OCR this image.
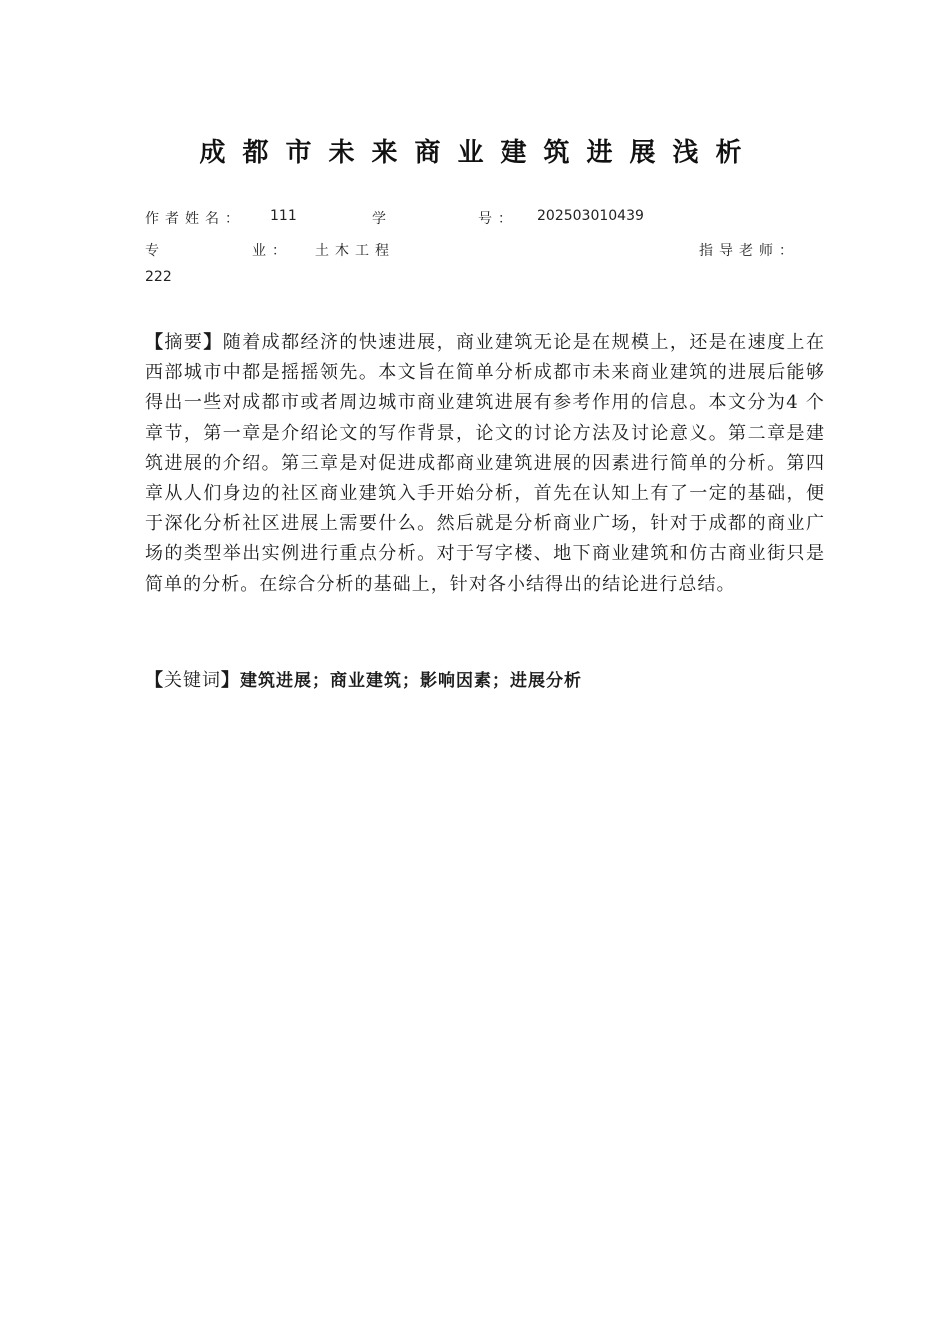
成都市未来商业建筑进展浅析
作者姓名： 111	学	号： 202503010439
专	业： 土木工程	指导老师：
222
【摘要】随着成都经济的快速进展，商业建筑无论是在规模上，还是在速度上在西部城市中都是摇摇领先。本文旨在简单分析成都市未来商业建筑的进展后能够得出一些对成都市或者周边城市商业建筑进展有参考作用的信息。本文分为4 个章节，第一章是介绍论文的写作背景，论文的讨论方法及讨论意义。第二章是建筑进展的介绍。第三章是对促进成都商业建筑进展的因素进行简单的分析。第四章从人们身边的社区商业建筑入手开始分析，首先在认知上有了一定的基础，便于深化分析社区进展上需要什么。然后就是分析商业广场，针对于成都的商业广场的类型举出实例进行重点分析。对于写字楼、地下商业建筑和仿古商业街只是简单的分析。在综合分析的基础上，针对各小结得出的结论进行总结。
【关键词】建筑进展；商业建筑；影响因素；进展分析
